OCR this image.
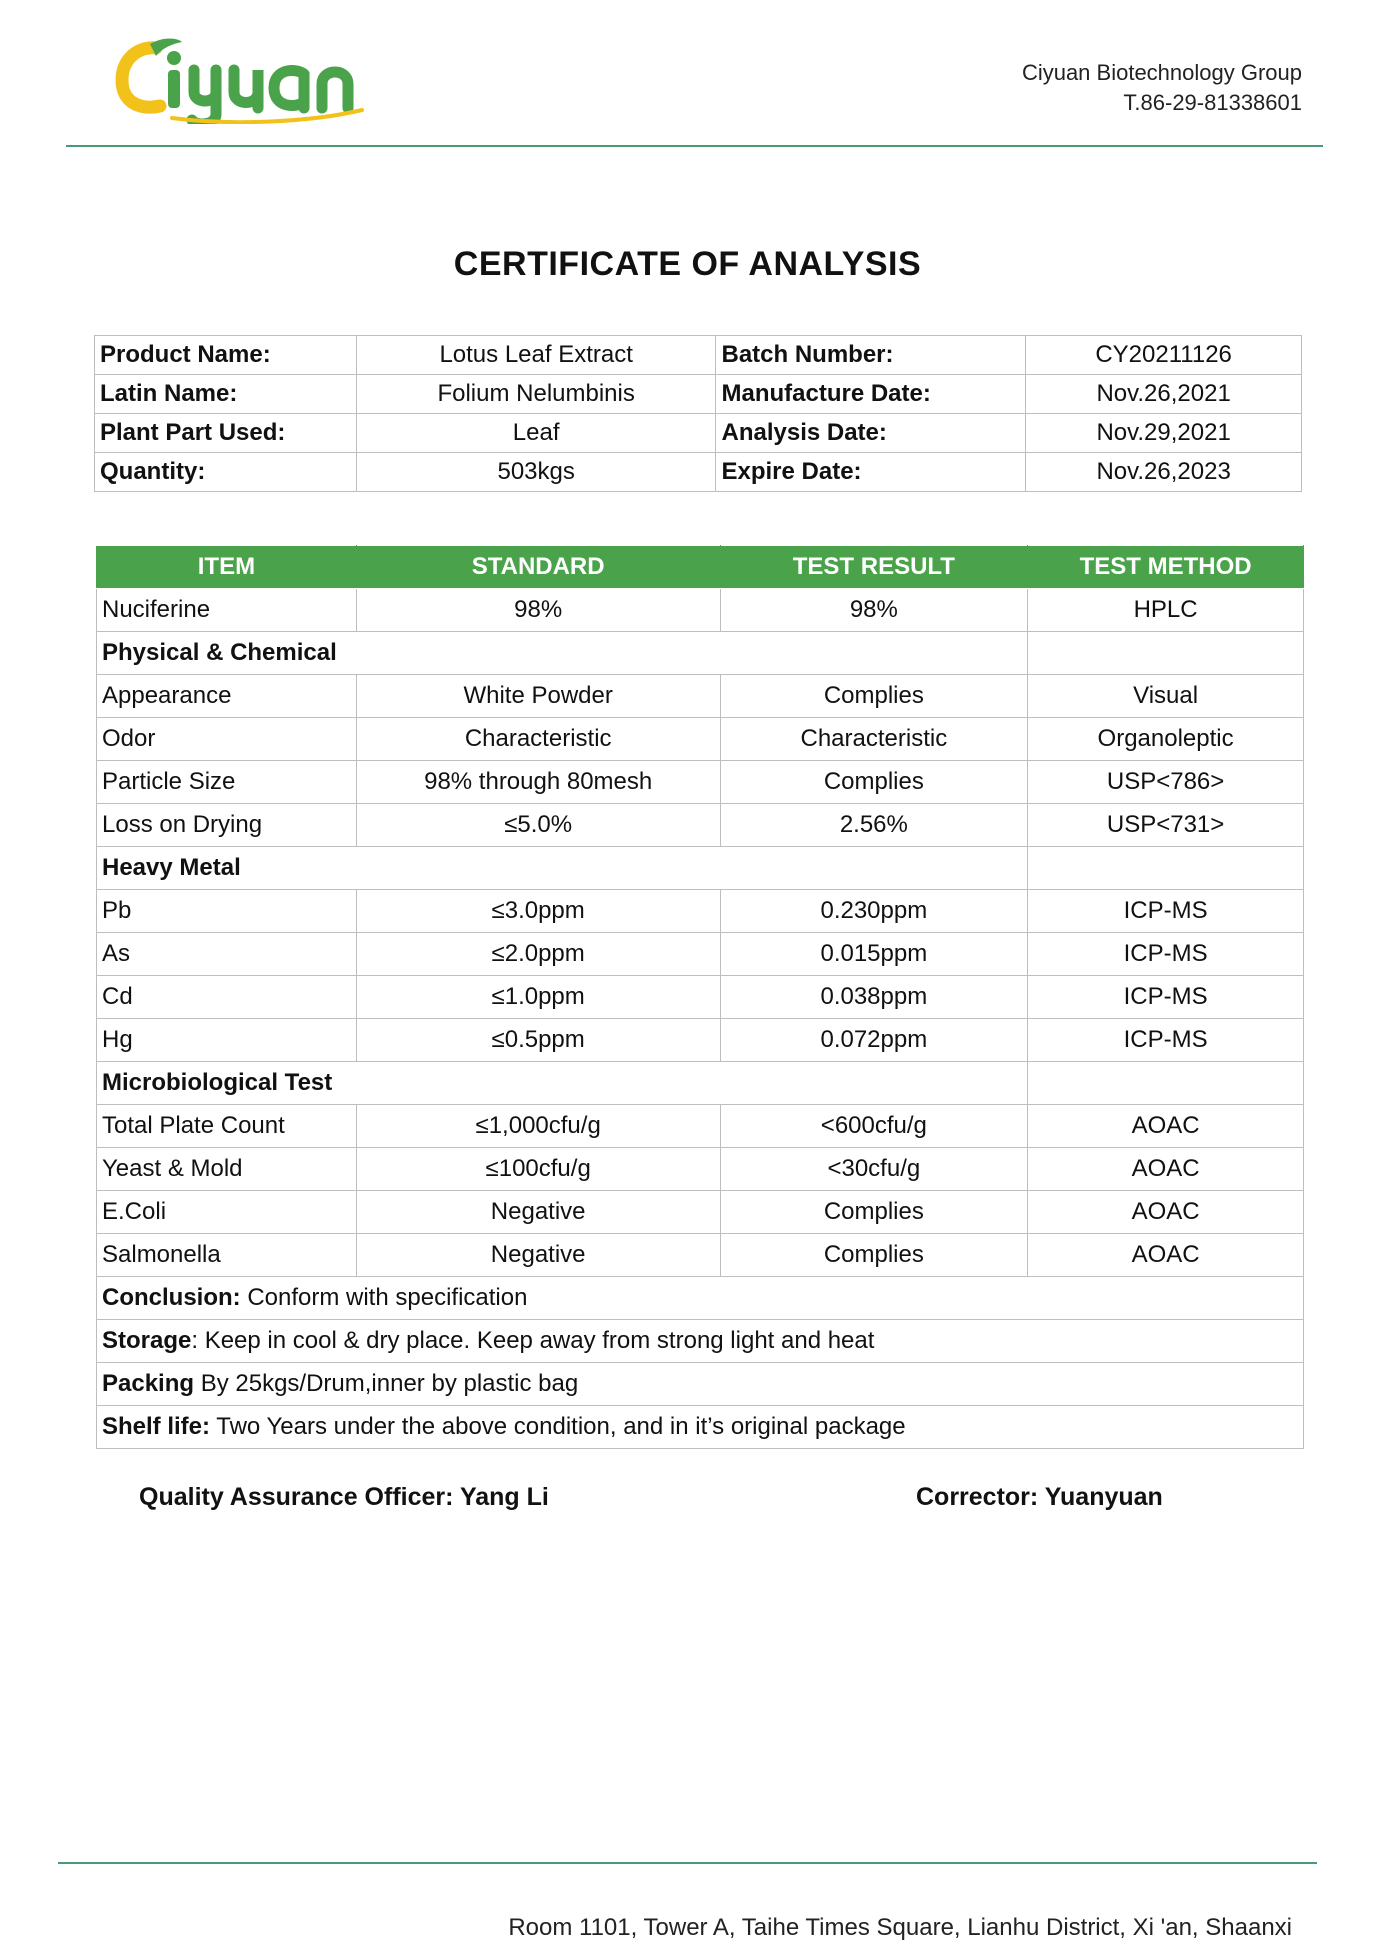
Ciyuan Biotechnology Group
T.86-29-81338601
CERTIFICATE OF ANALYSIS
Product Name:	Lotus Leaf Extract	Batch Number:	CY20211126
Latin Name:	Folium Nelumbinis	Manufacture Date:	Nov.26,2021
Plant Part Used:	Leaf	Analysis Date:	Nov.29,2021
Quantity:	503kgs	Expire Date:	Nov.26,2023
ITEM	STANDARD	TEST RESULT	TEST METHOD
Nuciferine	98%	98%	HPLC
Physical & Chemical			
Appearance	White Powder	Complies	Visual
Odor	Characteristic	Characteristic	Organoleptic
Particle Size	98% through 80mesh	Complies	USP<786>
Loss on Drying	≤5.0%	2.56%	USP<731>
Heavy Metal			
Pb	≤3.0ppm	0.230ppm	ICP-MS
As	≤2.0ppm	0.015ppm	ICP-MS
Cd	≤1.0ppm	0.038ppm	ICP-MS
Hg	≤0.5ppm	0.072ppm	ICP-MS
Microbiological Test			
Total Plate Count	≤1,000cfu/g	<600cfu/g	AOAC
Yeast & Mold	≤100cfu/g	<30cfu/g	AOAC
E.Coli	Negative	Complies	AOAC
Salmonella	Negative	Complies	AOAC
Conclusion: Conform with specification			
Storage: Keep in cool & dry place. Keep away from strong light and heat			
Packing By 25kgs/Drum,inner by plastic bag			
Shelf life: Two Years under the above condition, and in it’s original package			
Quality Assurance Officer: Yang Li	Corrector: Yuanyuan
Room 1101, Tower A, Taihe Times Square, Lianhu District, Xi 'an, Shaanxi
